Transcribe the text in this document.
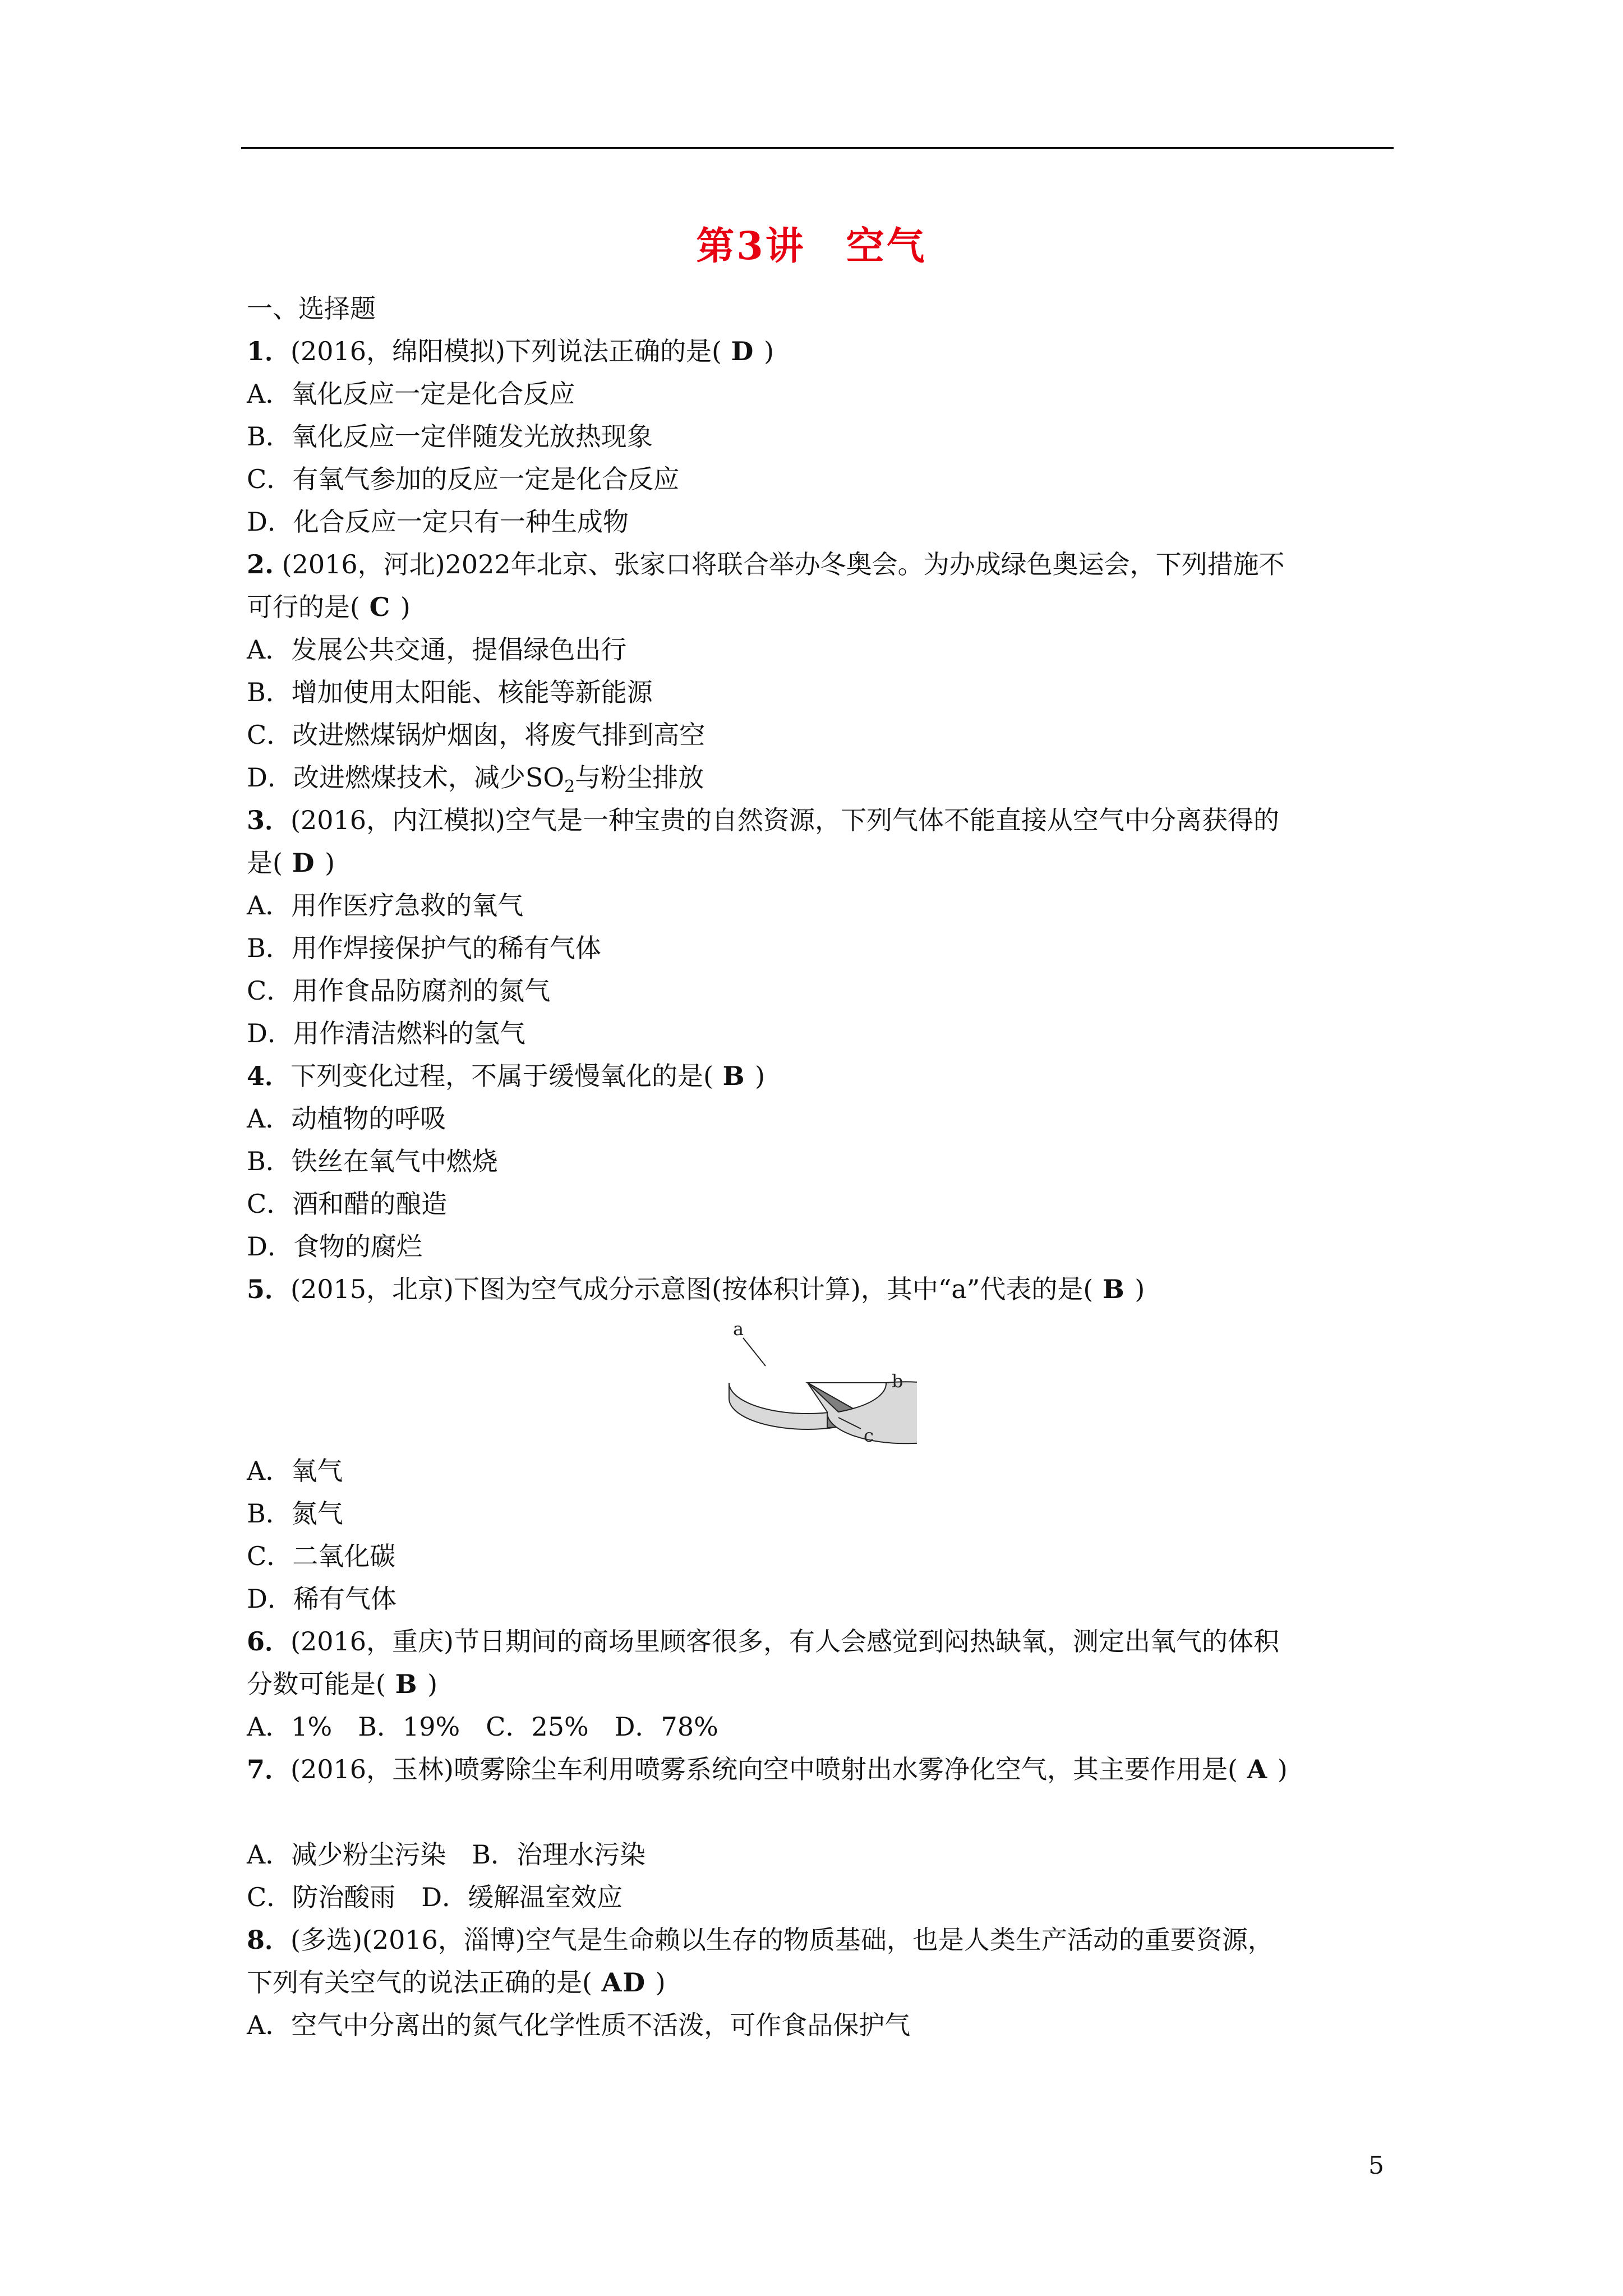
第3讲　空气
一、选择题
1．(2016，绵阳模拟)下列说法正确的是( D )
A．氧化反应一定是化合反应
B．氧化反应一定伴随发光放热现象
C．有氧气参加的反应一定是化合反应
D．化合反应一定只有一种生成物
2. (2016，河北)2022年北京、张家口将联合举办冬奥会。为办成绿色奥运会，下列措施不
可行的是( C )
A．发展公共交通，提倡绿色出行
B．增加使用太阳能、核能等新能源
C．改进燃煤锅炉烟囱，将废气排到高空
D．改进燃煤技术，减少$SO_2$与粉尘排放
3．(2016，内江模拟)空气是一种宝贵的自然资源，下列气体不能直接从空气中分离获得的
是( D )
A．用作医疗急救的氧气
B．用作焊接保护气的稀有气体
C．用作食品防腐剂的氮气
D．用作清洁燃料的氢气
4．下列变化过程，不属于缓慢氧化的是( B )
A．动植物的呼吸
B．铁丝在氧气中燃烧
C．酒和醋的酿造
D．食物的腐烂
5．(2015，北京)下图为空气成分示意图(按体积计算)，其中“a”代表的是( B )
a
b
c
A．氧气
B．氮气
C．二氧化碳
D．稀有气体
6．(2016，重庆)节日期间的商场里顾客很多，有人会感觉到闷热缺氧，测定出氧气的体积
分数可能是( B )
A．1%　B．19%　C．25%　D．78%
7．(2016，玉林)喷雾除尘车利用喷雾系统向空中喷射出水雾净化空气，其主要作用是( A )
A．减少粉尘污染　B．治理水污染
C．防治酸雨　D．缓解温室效应
8．(多选)(2016，淄博)空气是生命赖以生存的物质基础，也是人类生产活动的重要资源，
下列有关空气的说法正确的是( AD )
A．空气中分离出的氮气化学性质不活泼，可作食品保护气
5
